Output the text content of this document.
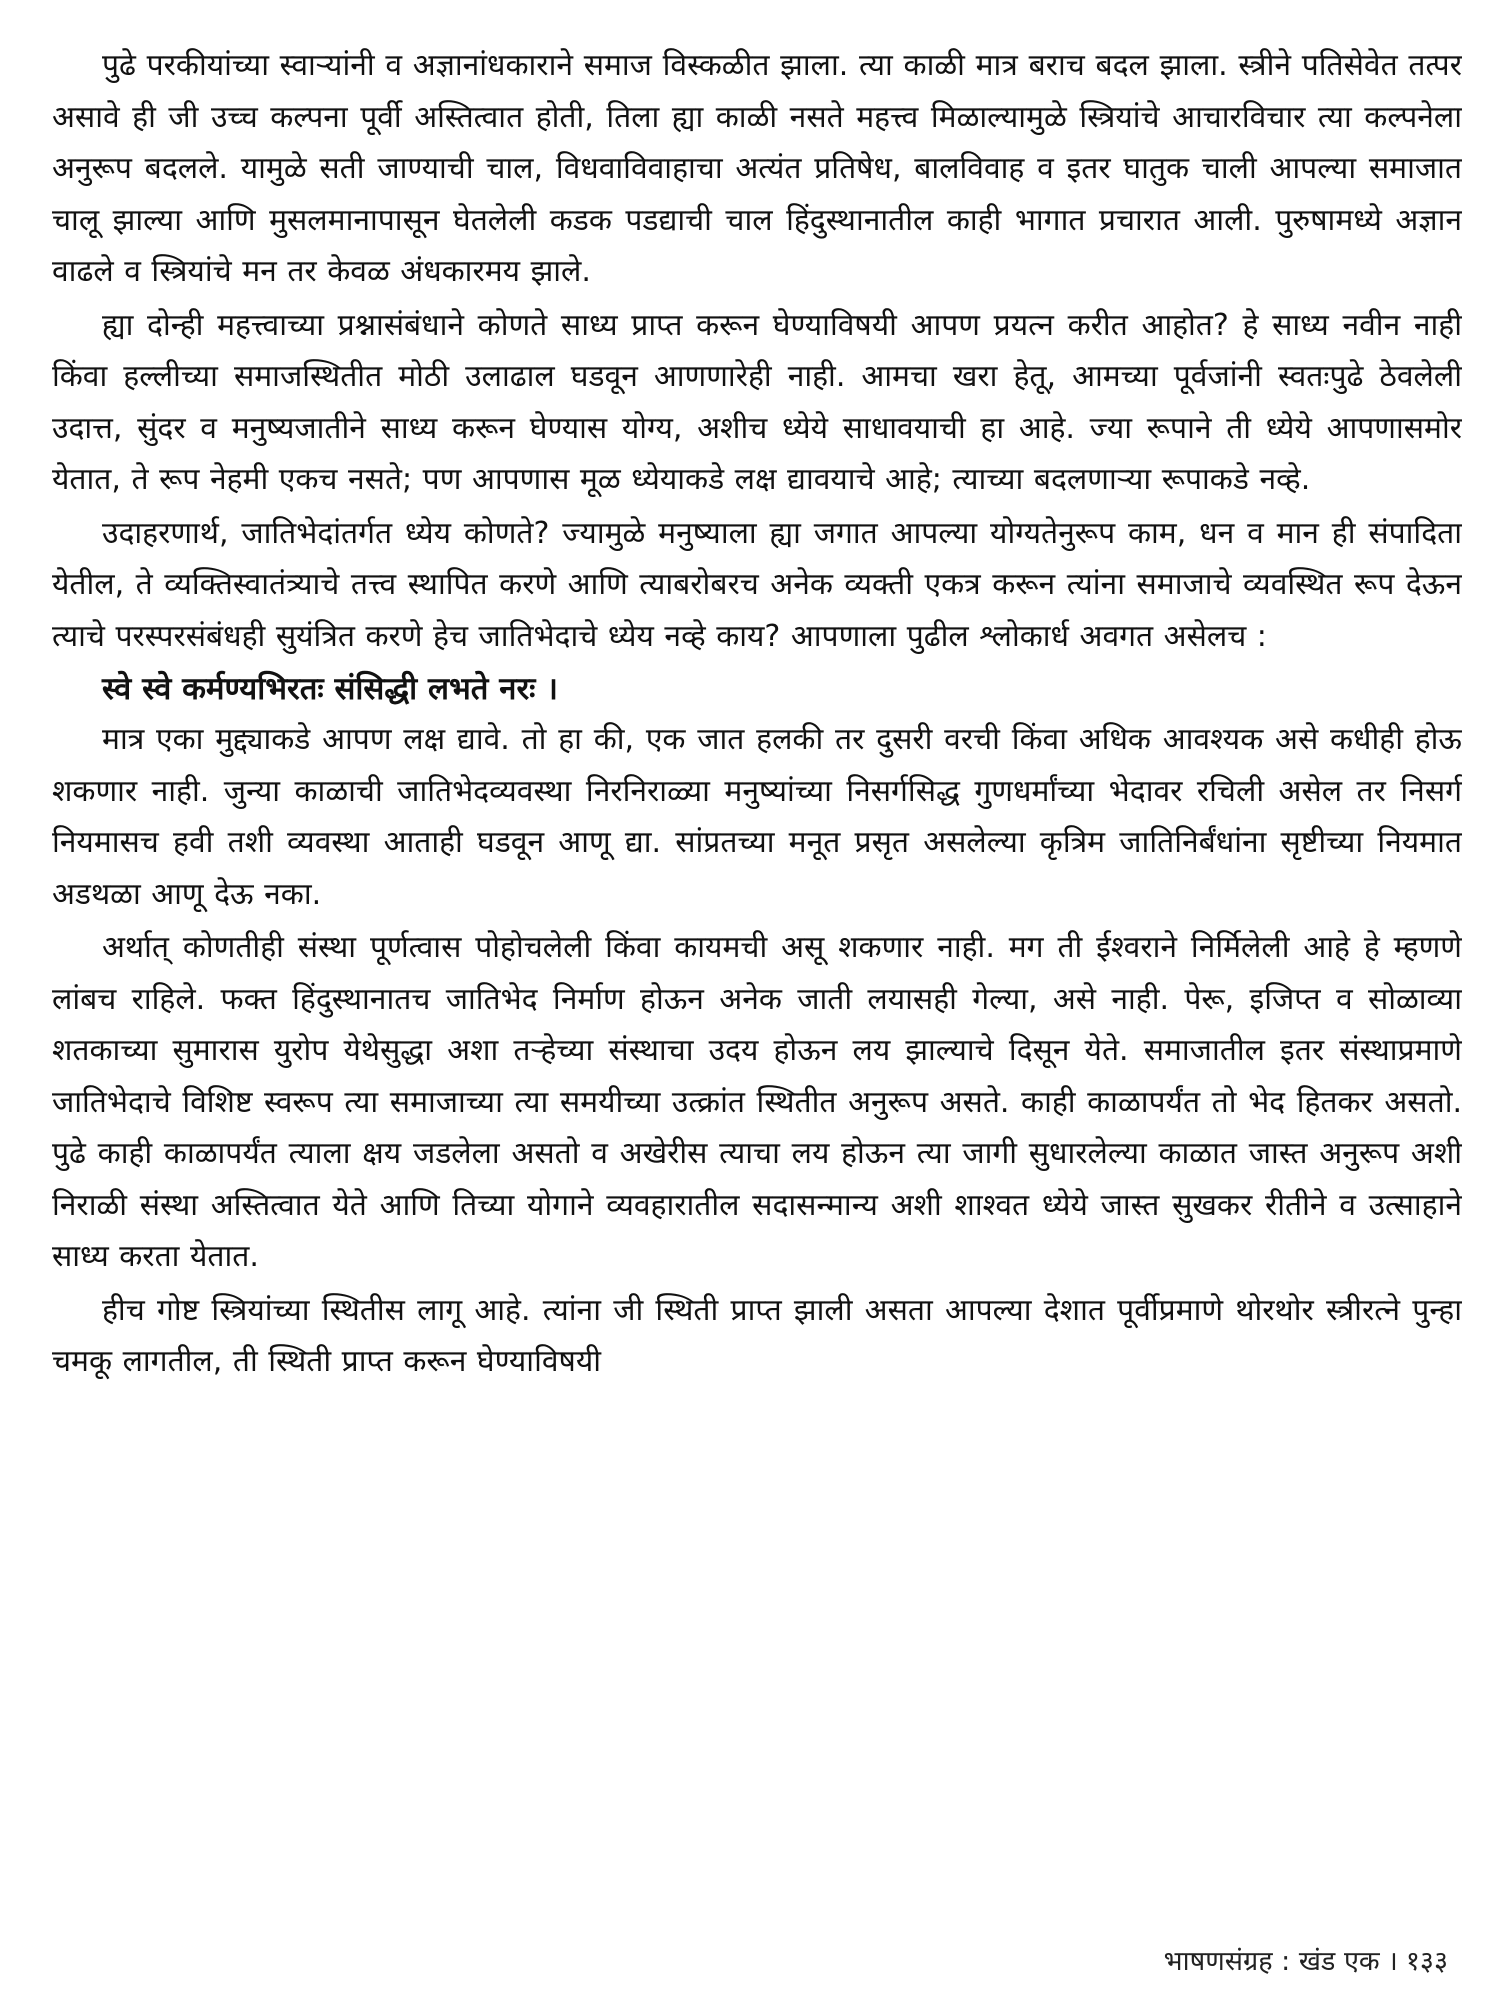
पुढे परकीयांच्या स्वाऱ्यांनी व अज्ञानांधकाराने समाज विस्कळीत झाला. त्या काळी मात्र बराच बदल झाला. स्त्रीने पतिसेवेत तत्पर असावे ही जी उच्च कल्पना पूर्वी अस्तित्वात होती, तिला ह्या काळी नसते महत्त्व मिळाल्यामुळे स्त्रियांचे आचारविचार त्या कल्पनेला अनुरूप बदलले. यामुळे सती जाण्याची चाल, विधवाविवाहाचा अत्यंत प्रतिषेध, बालविवाह व इतर घातुक चाली आपल्या समाजात चालू झाल्या आणि मुसलमानापासून घेतलेली कडक पडद्याची चाल हिंदुस्थानातील काही भागात प्रचारात आली. पुरुषामध्ये अज्ञान वाढले व स्त्रियांचे मन तर केवळ अंधकारमय झाले.

ह्या दोन्ही महत्त्वाच्या प्रश्नासंबंधाने कोणते साध्य प्राप्त करून घेण्याविषयी आपण प्रयत्न करीत आहोत? हे साध्य नवीन नाही किंवा हल्लीच्या समाजस्थितीत मोठी उलाढाल घडवून आणणारेही नाही. आमचा खरा हेतू, आमच्या पूर्वजांनी स्वतःपुढे ठेवलेली उदात्त, सुंदर व मनुष्यजातीने साध्य करून घेण्यास योग्य, अशीच ध्येये साधावयाची हा आहे. ज्या रूपाने ती ध्येये आपणासमोर येतात, ते रूप नेहमी एकच नसते; पण आपणास मूळ ध्येयाकडे लक्ष द्यावयाचे आहे; त्याच्या बदलणाऱ्या रूपाकडे नव्हे.

उदाहरणार्थ, जातिभेदांतर्गत ध्येय कोणते? ज्यामुळे मनुष्याला ह्या जगात आपल्या योग्यतेनुरूप काम, धन व मान ही संपादिता येतील, ते व्यक्तिस्वातंत्र्याचे तत्त्व स्थापित करणे आणि त्याबरोबरच अनेक व्यक्ती एकत्र करून त्यांना समाजाचे व्यवस्थित रूप देऊन त्याचे परस्परसंबंधही सुयंत्रित करणे हेच जातिभेदाचे ध्येय नव्हे काय? आपणाला पुढील श्लोकार्ध अवगत असेलच :

स्वे स्वे कर्मण्यभिरतः संसिद्धी लभते नरः ।

मात्र एका मुद्द्याकडे आपण लक्ष द्यावे. तो हा की, एक जात हलकी तर दुसरी वरची किंवा अधिक आवश्यक असे कधीही होऊ शकणार नाही. जुन्या काळाची जातिभेदव्यवस्था निरनिराळ्या मनुष्यांच्या निसर्गसिद्ध गुणधर्मांच्या भेदावर रचिली असेल तर निसर्ग नियमासच हवी तशी व्यवस्था आताही घडवून आणू द्या. सांप्रतच्या मनूत प्रसृत असलेल्या कृत्रिम जातिनिर्बंधांना सृष्टीच्या नियमात अडथळा आणू देऊ नका.

अर्थात् कोणतीही संस्था पूर्णत्वास पोहोचलेली किंवा कायमची असू शकणार नाही. मग ती ईश्वराने निर्मिलेली आहे हे म्हणणे लांबच राहिले. फक्त हिंदुस्थानातच जातिभेद निर्माण होऊन अनेक जाती लयासही गेल्या, असे नाही. पेरू, इजिप्त व सोळाव्या शतकाच्या सुमारास युरोप येथेसुद्धा अशा तऱ्हेच्या संस्थाचा उदय होऊन लय झाल्याचे दिसून येते. समाजातील इतर संस्थाप्रमाणे जातिभेदाचे विशिष्ट स्वरूप त्या समाजाच्या त्या समयीच्या उत्क्रांत स्थितीत अनुरूप असते. काही काळापर्यंत तो भेद हितकर असतो. पुढे काही काळापर्यंत त्याला क्षय जडलेला असतो व अखेरीस त्याचा लय होऊन त्या जागी सुधारलेल्या काळात जास्त अनुरूप अशी निराळी संस्था अस्तित्वात येते आणि तिच्या योगाने व्यवहारातील सदासन्मान्य अशी शाश्वत ध्येये जास्त सुखकर रीतीने व उत्साहाने साध्य करता येतात.

हीच गोष्ट स्त्रियांच्या स्थितीस लागू आहे. त्यांना जी स्थिती प्राप्त झाली असता आपल्या देशात पूर्वीप्रमाणे थोरथोर स्त्रीरत्ने पुन्हा चमकू लागतील, ती स्थिती प्राप्त करून घेण्याविषयी

भाषणसंग्रह : खंड एक । १३३
